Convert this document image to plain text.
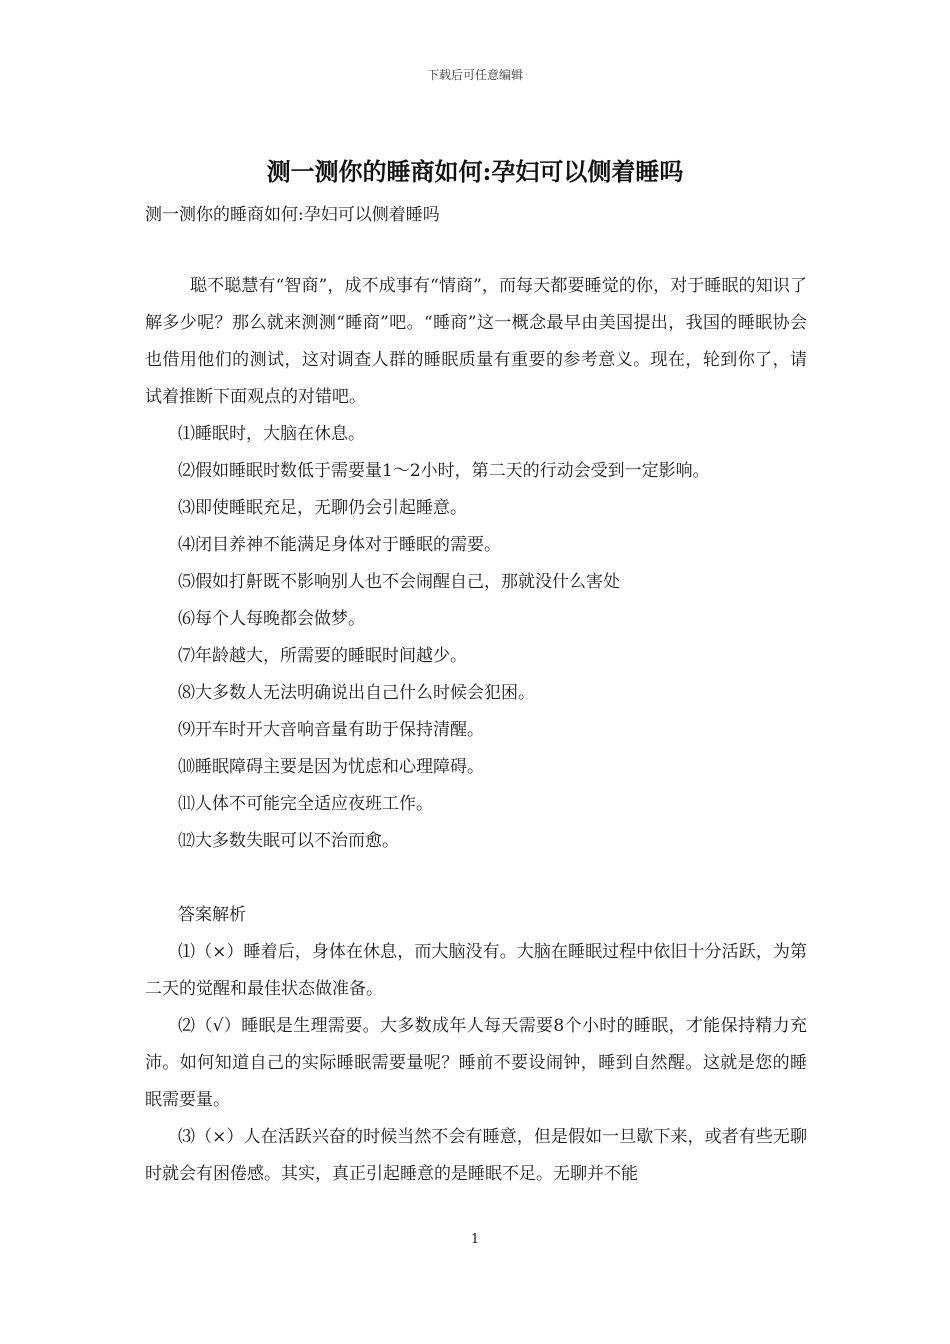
下载后可任意编辑
测一测你的睡商如何:孕妇可以侧着睡吗

测一测你的睡商如何:孕妇可以侧着睡吗

聪不聪慧有“智商”，成不成事有“情商”，而每天都要睡觉的你，对于睡眠的知识了解多少呢？那么就来测测“睡商”吧。“睡商”这一概念最早由美国提出，我国的睡眠协会也借用他们的测试，这对调查人群的睡眠质量有重要的参考意义。现在，轮到你了，请试着推断下面观点的对错吧。

⑴睡眠时，大脑在休息。

⑵假如睡眠时数低于需要量1～2小时，第二天的行动会受到一定影响。

⑶即使睡眠充足，无聊仍会引起睡意。

⑷闭目养神不能满足身体对于睡眠的需要。

⑸假如打鼾既不影响别人也不会闹醒自己，那就没什么害处

⑹每个人每晚都会做梦。

⑺年龄越大，所需要的睡眠时间越少。

⑻大多数人无法明确说出自己什么时候会犯困。

⑼开车时开大音响音量有助于保持清醒。

⑽睡眠障碍主要是因为忧虑和心理障碍。

⑾人体不可能完全适应夜班工作。

⑿大多数失眠可以不治而愈。

答案解析

⑴（×）睡着后，身体在休息，而大脑没有。大脑在睡眠过程中依旧十分活跃，为第二天的觉醒和最佳状态做准备。

⑵（√）睡眠是生理需要。大多数成年人每天需要8个小时的睡眠，才能保持精力充沛。如何知道自己的实际睡眠需要量呢？睡前不要设闹钟，睡到自然醒。这就是您的睡眠需要量。

⑶（×）人在活跃兴奋的时候当然不会有睡意，但是假如一旦歇下来，或者有些无聊时就会有困倦感。其实，真正引起睡意的是睡眠不足。无聊并不能

1
